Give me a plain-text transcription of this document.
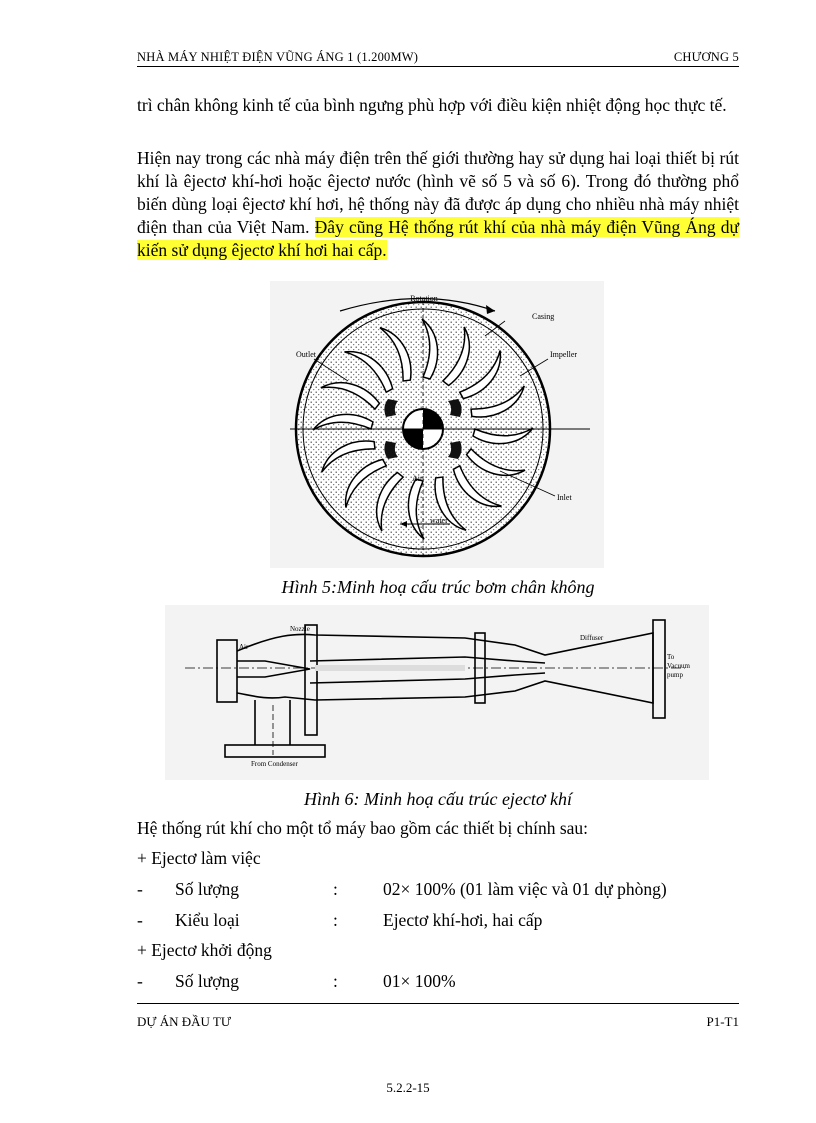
NHÀ MÁY NHIỆT ĐIỆN VŨNG ÁNG 1 (1.200MW)	CHƯƠNG 5
trì chân không kinh tế của bình ngưng phù hợp với điều kiện nhiệt động học thực tế.
Hiện nay trong các nhà máy điện trên thế giới thường hay sử dụng hai loại thiết bị rút khí là êjectơ khí-hơi hoặc êjectơ nước (hình vẽ số 5 và số 6). Trong đó thường phổ biến dùng loại êjectơ khí hơi, hệ thống này đã được áp dụng cho nhiều nhà máy nhiệt điện than của Việt Nam. Đây cũng Hệ thống rút khí của nhà máy điện Vũng Áng dự kiến sử dụng êjectơ khí hơi hai cấp.
Rotation
Casing
Outlet	Impeller
Air
Inlet
water
Hình 5:Minh hoạ cấu trúc bơm chân không
Nozzle
Air
Diffuser
To
Vacuum
pump
From Condenser
Hình 6: Minh hoạ cấu trúc ejectơ khí
Hệ thống rút khí cho một tổ máy bao gồm các thiết bị chính sau:
+ Ejectơ làm việc
- Số lượng	:	02× 100% (01 làm việc và 01 dự phòng)
- Kiểu loại	:	Ejectơ khí-hơi, hai cấp
+ Ejectơ khởi động
- Số lượng	:	01× 100%
DỰ ÁN ĐẦU TƯ	P1-T1
5.2.2-15
